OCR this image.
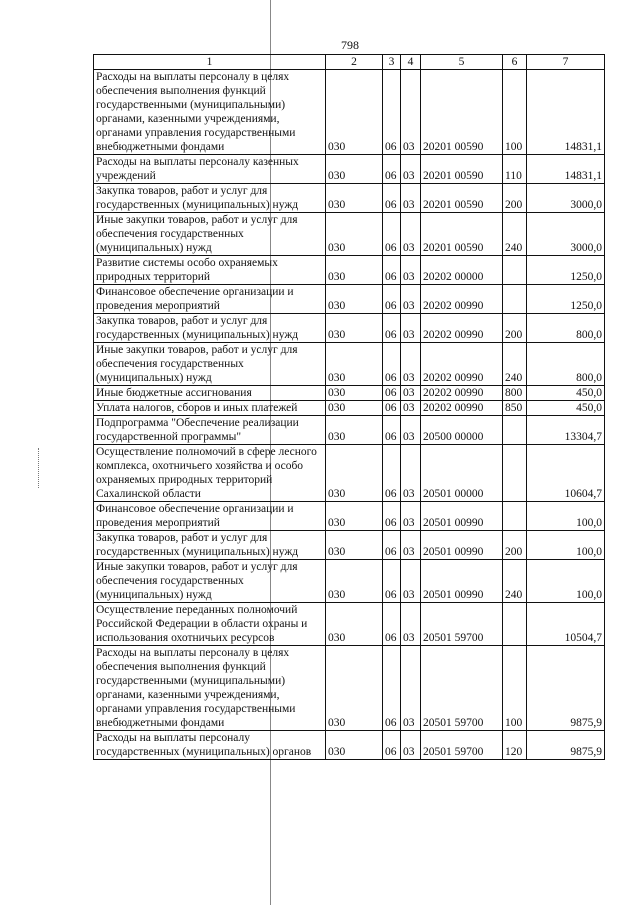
798
1	2	3	4	5	6	7
Расходы на выплаты персоналу в целях обеспечения выполнения функций государственными (муниципальными) органами, казенными учреждениями, органами управления государственными внебюджетными фондами	030	06	03	20201 00590	100	14831,1
Расходы на выплаты персоналу казенных учреждений	030	06	03	20201 00590	110	14831,1
Закупка товаров, работ и услуг для государственных (муниципальных) нужд	030	06	03	20201 00590	200	3000,0
Иные закупки товаров, работ и услуг для обеспечения государственных (муниципальных) нужд	030	06	03	20201 00590	240	3000,0
Развитие системы особо охраняемых природных территорий	030	06	03	20202 00000		1250,0
Финансовое обеспечение организации и проведения мероприятий	030	06	03	20202 00990		1250,0
Закупка товаров, работ и услуг для государственных (муниципальных) нужд	030	06	03	20202 00990	200	800,0
Иные закупки товаров, работ и услуг для обеспечения государственных (муниципальных) нужд	030	06	03	20202 00990	240	800,0
Иные бюджетные ассигнования	030	06	03	20202 00990	800	450,0
Уплата налогов, сборов и иных платежей	030	06	03	20202 00990	850	450,0
Подпрограмма "Обеспечение реализации государственной программы"	030	06	03	20500 00000		13304,7
Осуществление полномочий в сфере лесного комплекса, охотничьего хозяйства и особо охраняемых природных территорий Сахалинской области	030	06	03	20501 00000		10604,7
Финансовое обеспечение организации и проведения мероприятий	030	06	03	20501 00990		100,0
Закупка товаров, работ и услуг для государственных (муниципальных) нужд	030	06	03	20501 00990	200	100,0
Иные закупки товаров, работ и услуг для обеспечения государственных (муниципальных) нужд	030	06	03	20501 00990	240	100,0
Осуществление переданных полномочий Российской Федерации в области охраны и использования охотничьих ресурсов	030	06	03	20501 59700		10504,7
Расходы на выплаты персоналу в целях обеспечения выполнения функций государственными (муниципальными) органами, казенными учреждениями, органами управления государственными внебюджетными фондами	030	06	03	20501 59700	100	9875,9
Расходы на выплаты персоналу государственных (муниципальных) органов	030	06	03	20501 59700	120	9875,9
